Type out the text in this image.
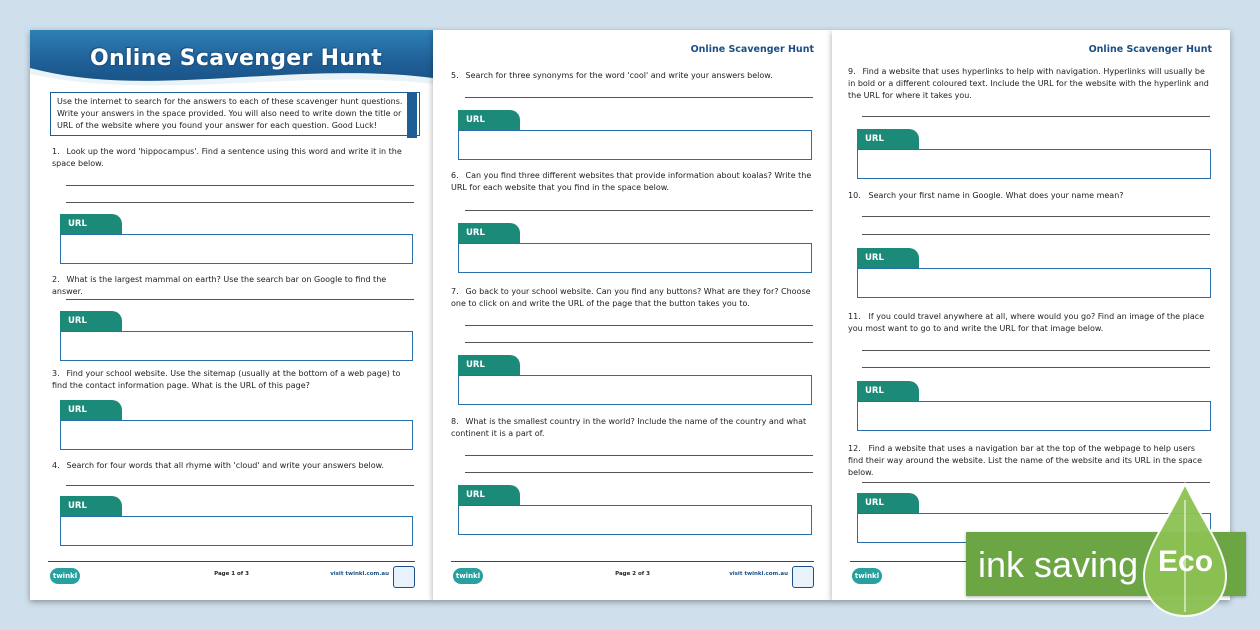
Online Scavenger Hunt
Use the internet to search for the answers to each of these scavenger hunt questions. Write your answers in the space provided. You will also need to write down the title or URL of the website where you found your answer for each question. Good Luck!
1. Look up the word 'hippocampus'. Find a sentence using this word and write it in the space below.
URL
2. What is the largest mammal on earth? Use the search bar on Google to find the answer.
URL
3. Find your school website. Use the sitemap (usually at the bottom of a web page) to find the contact information page. What is the URL of this page?
URL
4. Search for four words that all rhyme with 'cloud' and write your answers below.
URL
twinkl	Page 1 of 3	visit twinkl.com.au
Online Scavenger Hunt
5. Search for three synonyms for the word 'cool' and write your answers below.
URL
6. Can you find three different websites that provide information about koalas? Write the URL for each website that you find in the space below.
URL
7. Go back to your school website. Can you find any buttons? What are they for? Choose one to click on and write the URL of the page that the button takes you to.
URL
8. What is the smallest country in the world? Include the name of the country and what continent it is a part of.
URL
twinkl	Page 2 of 3	visit twinkl.com.au
Online Scavenger Hunt
9. Find a website that uses hyperlinks to help with navigation. Hyperlinks will usually be in bold or a different coloured text. Include the URL for the website with the hyperlink and the URL for where it takes you.
URL
10. Search your first name in Google. What does your name mean?
URL
11. If you could travel anywhere at all, where would you go? Find an image of the place you most want to go to and write the URL for that image below.
URL
12. Find a website that uses a navigation bar at the top of the webpage to help users find their way around the website. List the name of the website and its URL in the space below.
URL
twinkl	ink saving Eco
